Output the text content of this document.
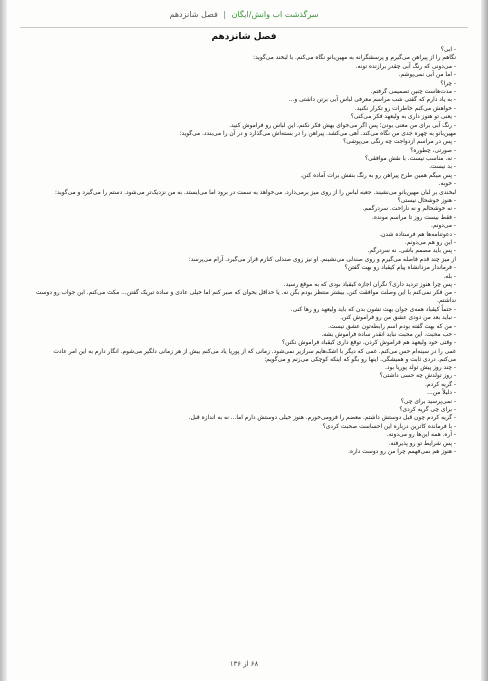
سرگذشت اب وانش/ایگان | فصل شانزدهم
فصل شانزدهم

- آبی؟

نگاهم را از پیراهن می‌گیرم و پرسشگرانه به مهین‌بانو نگاه می‌کنم. با لبخند می‌گوید:

- می‌دونی که رنگ آبی چقدر برازنده تونه.

- اما من آبی نمی‌پوشم.

- چرا؟

- مدت‌هاست چنین تصمیمی گرفتم.

- به یاد دارم که گفتی شب مراسم معرفی لباس آبی برتن داشتی و...

- خواهش می‌کنم خاطرات رو تکرار نکنید.

- یعنی تو هنوز داری به ولیعهد فکر می‌کنی؟

- رنگ آبی برای من معنی بودن؛ پس اگر می‌خوای بهش فکر نکنم، این لباس رو فراموش کنید.

مهین‌بانو به چهره جدی من نگاه می‌کند. آهی می‌کشد. پیراهن را در بسته‌اش می‌گذارد و در آن را می‌بندد. می‌گوید:

- پس در مراسم ازدواجت چه رنگی می‌پوشی؟

- صورتی، چطوره؟

- نه. مناسب نیست. با نقش موافقی؟

- بد نیست.

- پس میگم همین طرح پیراهن رو به رنگ بنفش برات آماده کنن.

- خوبه.

لبخندی بر لبان مهین‌بانو می‌نشیند. جعبه لباس را از روی میز برمی‌دارد. می‌خواهد به سمت در برود اما می‌ایستد. به من نزدیک‌تر می‌شود. دستم را می‌گیرد و می‌گوید:

- هنوز خوشحال نیستی؟

- نه خوشحالم و نه ناراحت. سردرگمم.

- فقط بیست روز تا مراسم مونده.

- می‌دونم.

- دعوتنامه‌ها هم فرستاده شدن.

- این رو هم می‌دونم.

- پس باید مصمم باشی. نه سردرگم.

از میز چند قدم فاصله می‌گیرم و روی صندلی می‌نشینم. او نیز روی صندلی کنارم قرار می‌گیرد. آرام می‌پرسد:

- فرماندار مردانشاه پیام کیقباد رو بهت گفتن؟

- بله.

- پس چرا هنوز تردید داری؟ نگران اجازه کیقباد بودی که به موقع رسید.

- من فکر نمی‌کنم با این وصلت موافقت کنن. بیشتر منتظر بودم بگن نه. یا حداقل بخوان که صبر کنم اما خیلی عادی و ساده تبریک گفتن... مکث می‌کنم. این جواب رو دوست نداشتم.

- حتماً کیقباد همه‌ی جوان بهت نشون بدن که باید ولیعهد رو رها کنی.

- نباید بعد من دودی عشق من رو فراموش کنن.

- من که بهت گفته بودم اسم رابطه‌تون عشق نیست.

- خب محبت. این محبت نباید انقدر ساده فراموش بشه.

- وقتی خود ولیعهد هم فراموش کردن، توقع داری کیقباد فراموش نکنن؟

غمی را در سینه‌ام حس می‌کنم. غمی که دیگر با اشک‌هایم سرازیر نمی‌شود. زمانی که از پوریا یاد می‌کنم بیش از هر زمانی دلگیر می‌شوم. انگار دارم به این امر عادت می‌کنم. دردی ثابت و همیشگی. اینها رو بگو که اینکه کوچکی می‌زنم و می‌گویم:

- چند روز پیش تولد پوریا بود.

- روز تولدش چه حسی داشتی؟

- گریه کردم.

- دلیلاً من...

- نمی‌پرسید برای چی؟

- برای چی گریه کردی؟

- گریه کردم چون قبل دوستش داشتم. معضم را فرومی‌خورم. هنوز خیلی دوستش دارم اما... نه به اندازه قبل.

- با فرمانده کاترین درباره این احساست صحبت کردی؟

- آره. همه این‌ها رو می‌دونه.

- پس شرایط تو رو پذیرفته.

- هنوز هم نمی‌فهمم چرا من رو دوست داره.

۶۸ از ۱۳۶
